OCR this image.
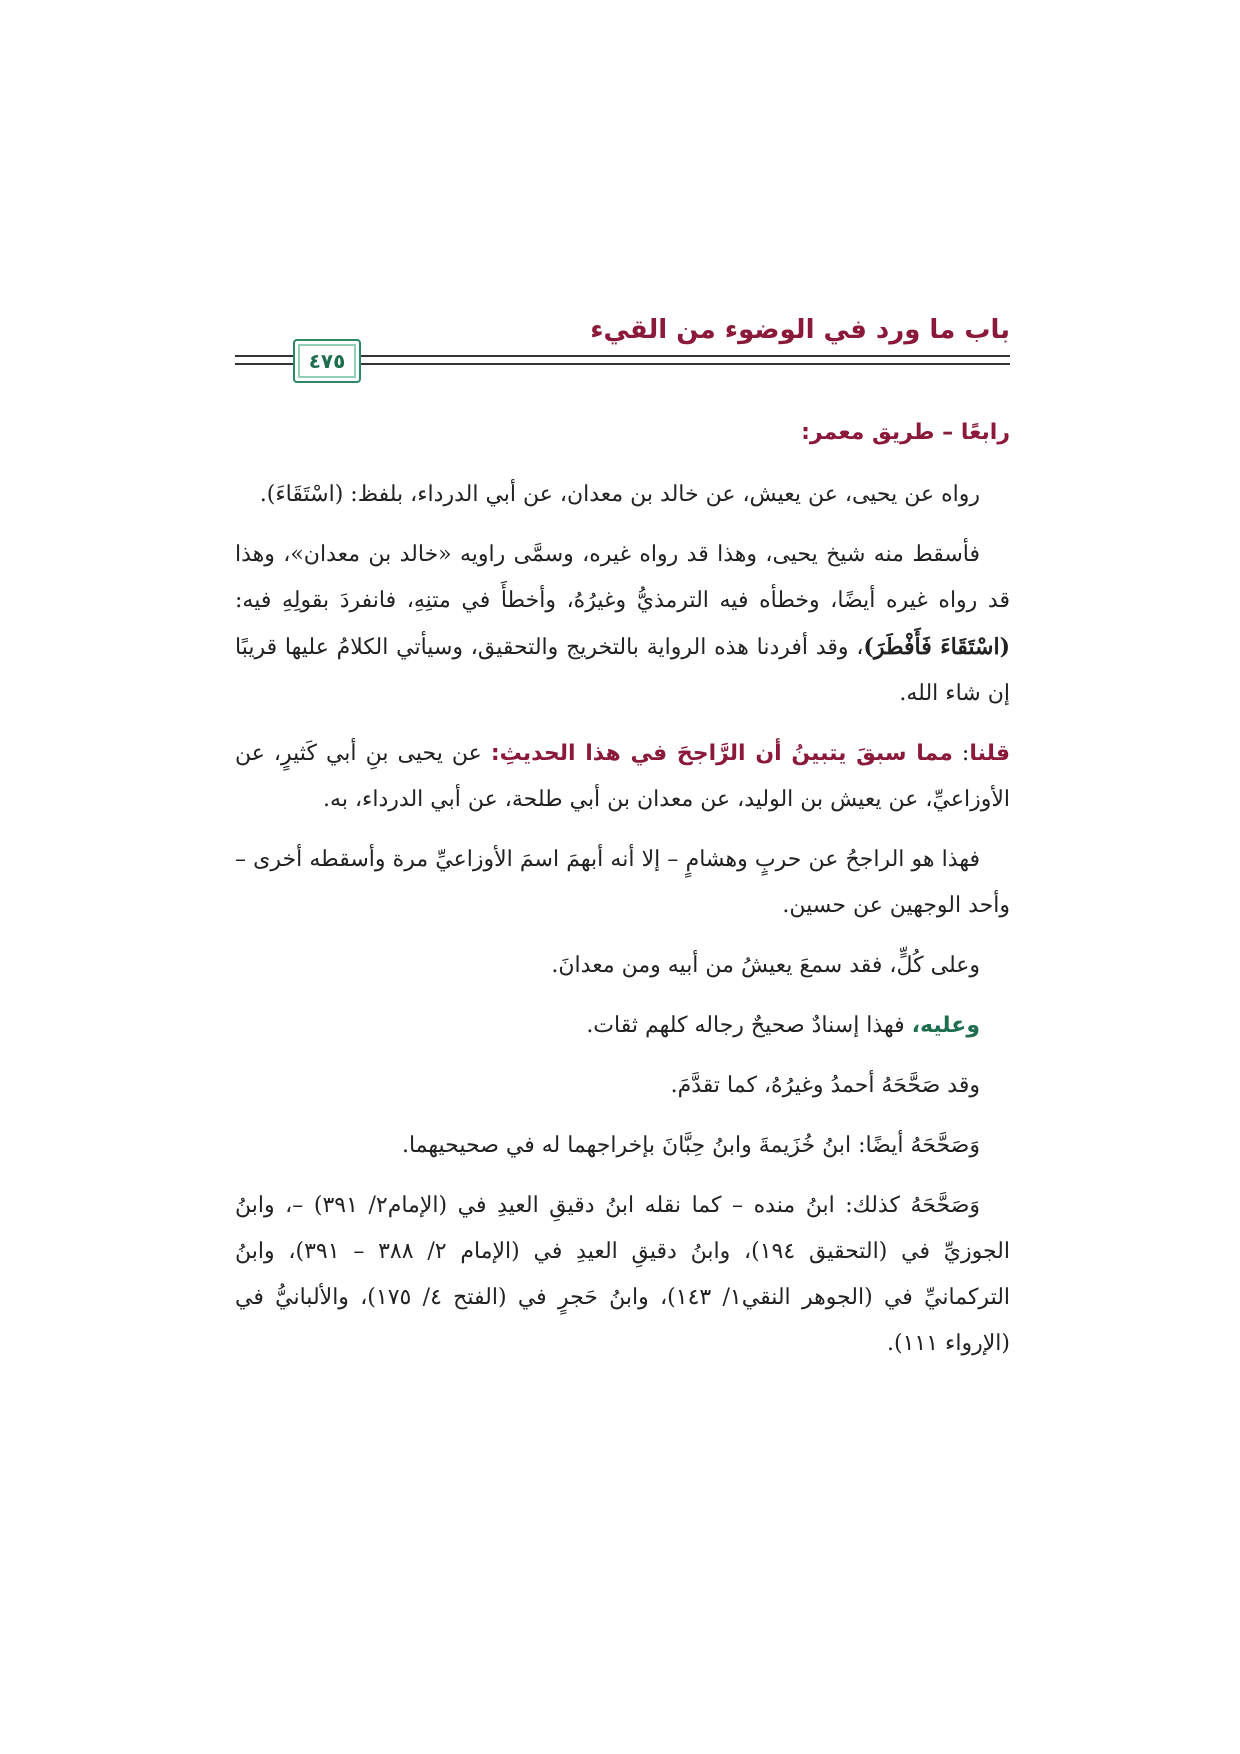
باب ما ورد في الوضوء من القيء
٤٧٥
رابعًا – طريق معمر:

رواه عن يحيى، عن يعيش، عن خالد بن معدان، عن أبي الدرداء، بلفظ: (اسْتَقَاءَ).

فأسقط منه شيخ يحيى، وهذا قد رواه غيره، وسمَّى راويه «خالد بن معدان»، وهذا قد رواه غيره أيضًا، وخطأه فيه الترمذيُّ وغيرُهُ، وأخطأَ في متنِهِ، فانفردَ بقولِهِ فيه: (اسْتَقَاءَ فَأَفْطَرَ)، وقد أفردنا هذه الرواية بالتخريج والتحقيق، وسيأتي الكلامُ عليها قريبًا إن شاء الله.

قلنا: مما سبقَ يتبينُ أن الرَّاجحَ في هذا الحديثِ: عن يحيى بنِ أبي كَثيرٍ، عن الأوزاعيِّ، عن يعيش بن الوليد، عن معدان بن أبي طلحة، عن أبي الدرداء، به.

فهذا هو الراجحُ عن حربٍ وهشامٍ – إلا أنه أبهمَ اسمَ الأوزاعيِّ مرة وأسقطه أخرى – وأحد الوجهين عن حسين.

وعلى كُلٍّ، فقد سمعَ يعيشُ من أبيه ومن معدانَ.

وعليه، فهذا إسنادٌ صحيحٌ رجاله كلهم ثقات.

وقد صَحَّحَهُ أحمدُ وغيرُهُ، كما تقدَّمَ.

وَصَحَّحَهُ أيضًا: ابنُ خُزَيمةَ وابنُ حِبَّانَ بإخراجهما له في صحيحيهما.

وَصَحَّحَهُ كذلك: ابنُ منده – كما نقله ابنُ دقيقِ العيدِ في (الإمام٢/ ٣٩١) –، وابنُ الجوزيِّ في (التحقيق ١٩٤)، وابنُ دقيقِ العيدِ في (الإمام ٢/ ٣٨٨ – ٣٩١)، وابنُ التركمانيِّ في (الجوهر النقي١/ ١٤٣)، وابنُ حَجرٍ في (الفتح ٤/ ١٧٥)، والألبانيُّ في (الإرواء ١١١).
